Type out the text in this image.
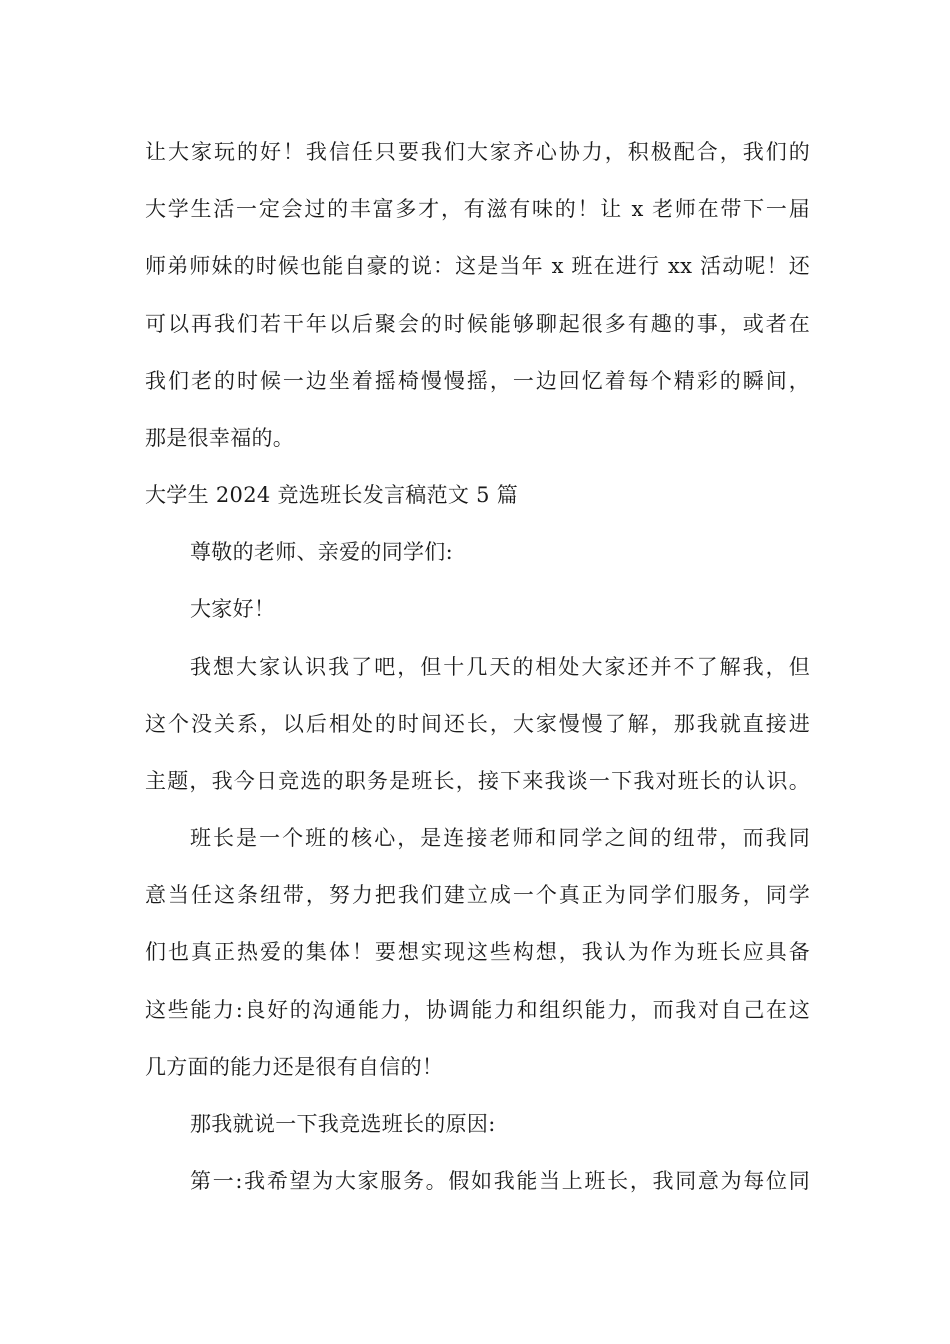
让大家玩的好！我信任只要我们大家齐心协力，积极配合，我们的
大学生活一定会过的丰富多才，有滋有味的！让 x 老师在带下一届
师弟师妹的时候也能自豪的说：这是当年 x 班在进行 xx 活动呢！还
可以再我们若干年以后聚会的时候能够聊起很多有趣的事，或者在
我们老的时候一边坐着摇椅慢慢摇，一边回忆着每个精彩的瞬间，
那是很幸福的。
大学生 2024 竞选班长发言稿范文 5 篇
尊敬的老师、亲爱的同学们:
大家好！
我想大家认识我了吧，但十几天的相处大家还并不了解我，但
这个没关系，以后相处的时间还长，大家慢慢了解，那我就直接进
主题，我今日竞选的职务是班长，接下来我谈一下我对班长的认识。
班长是一个班的核心，是连接老师和同学之间的纽带，而我同
意当任这条纽带，努力把我们建立成一个真正为同学们服务，同学
们也真正热爱的集体！要想实现这些构想，我认为作为班长应具备
这些能力:良好的沟通能力，协调能力和组织能力，而我对自己在这
几方面的能力还是很有自信的！
那我就说一下我竞选班长的原因:
第一:我希望为大家服务。假如我能当上班长，我同意为每位同
